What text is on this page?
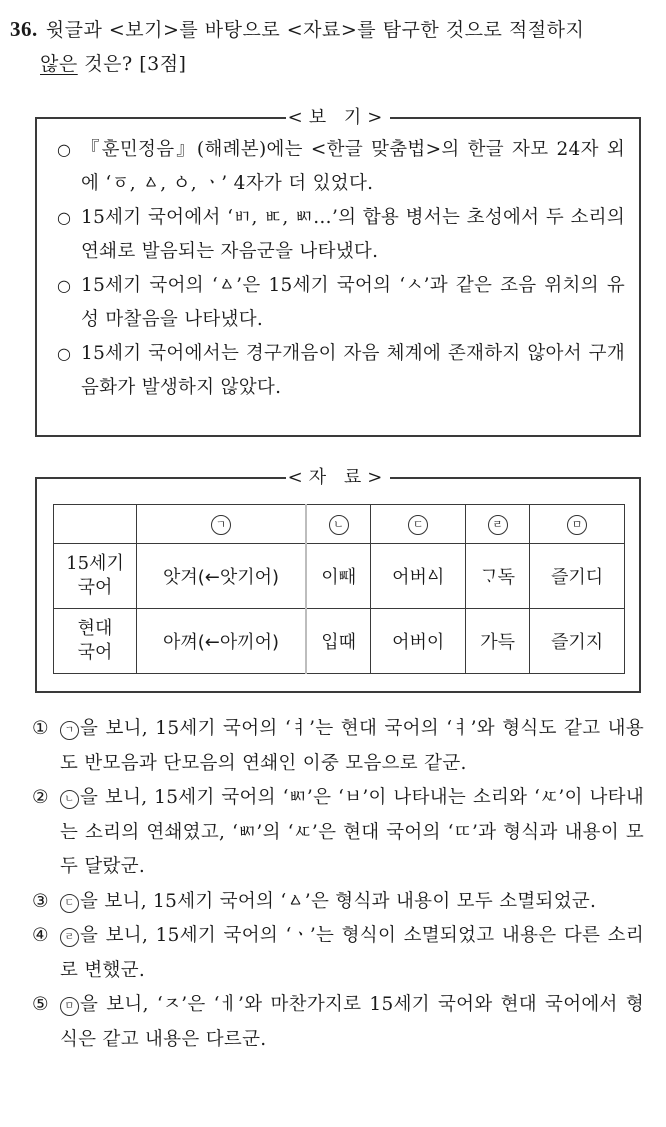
36. 윗글과 <보기>를 바탕으로 <자료>를 탐구한 것으로 적절하지
않은 것은? [3점]
<보 기>
○ 『훈민정음』(해례본)에는 <한글 맞춤법>의 한글 자모 24자 외에 ‘ㆆ, ㅿ, ㆁ, ㆍ’ 4자가 더 있었다.
○ 15세기 국어에서 ‘ㅲ, ㅳ, ㅴ…’의 합용 병서는 초성에서 두 소리의 연쇄로 발음되는 자음군을 나타냈다.
○ 15세기 국어의 ‘ㅿ’은 15세기 국어의 ‘ㅅ’과 같은 조음 위치의 유성 마찰음을 나타냈다.
○ 15세기 국어에서는 경구개음이 자음 체계에 존재하지 않아서 구개음화가 발생하지 않았다.
<자 료>
	ㄱ	ㄴ	ㄷ	ㄹ	ㅁ

15세기
국어	앗겨(←앗기어)	이ᄣᅢ	어버ᅀᅵ	ᄀᆞ독	즐기디

현대
국어	아껴(←아끼어)	입때	어버이	가득	즐기지
① ㄱ 을 보니, 15세기 국어의 ‘ㅕ’는 현대 국어의 ‘ㅕ’와 형식도 같고 내용도 반모음과 단모음의 연쇄인 이중 모음으로 같군.
② ㄴ 을 보니, 15세기 국어의 ‘ㅴ’은 ‘ㅂ’이 나타내는 소리와 ‘ㅼ’이 나타내는 소리의 연쇄였고, ‘ㅴ’의 ‘ㅼ’은 현대 국어의 ‘ㄸ’과 형식과 내용이 모두 달랐군.
③ ㄷ 을 보니, 15세기 국어의 ‘ㅿ’은 형식과 내용이 모두 소멸되었군.
④ ㄹ 을 보니, 15세기 국어의 ‘ㆍ’는 형식이 소멸되었고 내용은 다른 소리로 변했군.
⑤ ㅁ 을 보니, ‘ㅈ’은 ‘ㅔ’와 마찬가지로 15세기 국어와 현대 국어에서 형식은 같고 내용은 다르군.
